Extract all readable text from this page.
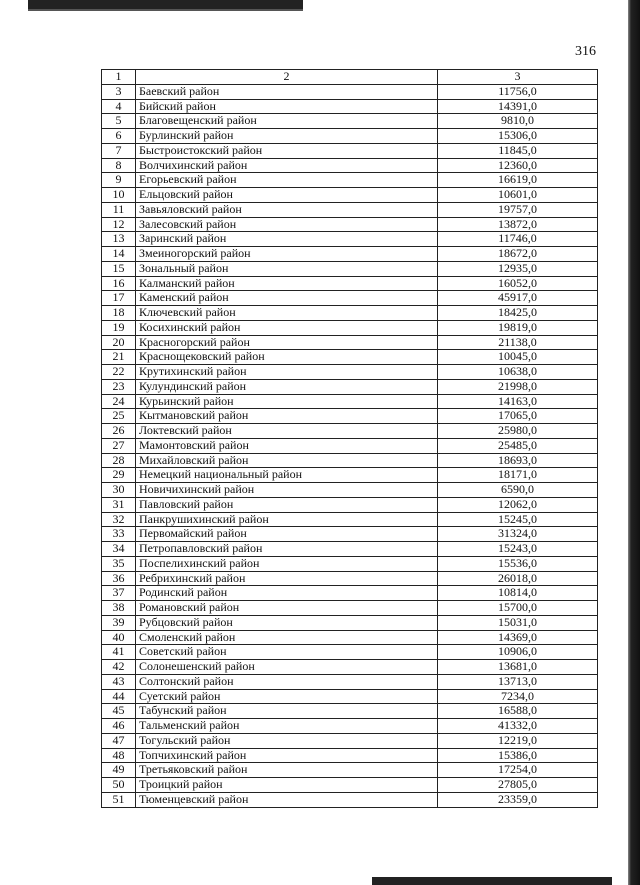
316
1	2	3
3	Баевский район	11756,0
4	Бийский район	14391,0
5	Благовещенский район	9810,0
6	Бурлинский район	15306,0
7	Быстроистокский район	11845,0
8	Волчихинский район	12360,0
9	Егорьевский район	16619,0
10	Ельцовский район	10601,0
11	Завьяловский район	19757,0
12	Залесовский район	13872,0
13	Заринский район	11746,0
14	Змеиногорский район	18672,0
15	Зональный район	12935,0
16	Калманский район	16052,0
17	Каменский район	45917,0
18	Ключевский район	18425,0
19	Косихинский район	19819,0
20	Красногорский район	21138,0
21	Краснощековский район	10045,0
22	Крутихинский район	10638,0
23	Кулундинский район	21998,0
24	Курьинский район	14163,0
25	Кытмановский район	17065,0
26	Локтевский район	25980,0
27	Мамонтовский район	25485,0
28	Михайловский район	18693,0
29	Немецкий национальный район	18171,0
30	Новичихинский район	6590,0
31	Павловский район	12062,0
32	Панкрушихинский район	15245,0
33	Первомайский район	31324,0
34	Петропавловский район	15243,0
35	Поспелихинский район	15536,0
36	Ребрихинский район	26018,0
37	Родинский район	10814,0
38	Романовский район	15700,0
39	Рубцовский район	15031,0
40	Смоленский район	14369,0
41	Советский район	10906,0
42	Солонешенский район	13681,0
43	Солтонский район	13713,0
44	Суетский район	7234,0
45	Табунский район	16588,0
46	Тальменский район	41332,0
47	Тогульский район	12219,0
48	Топчихинский район	15386,0
49	Третьяковский район	17254,0
50	Троицкий район	27805,0
51	Тюменцевский район	23359,0
